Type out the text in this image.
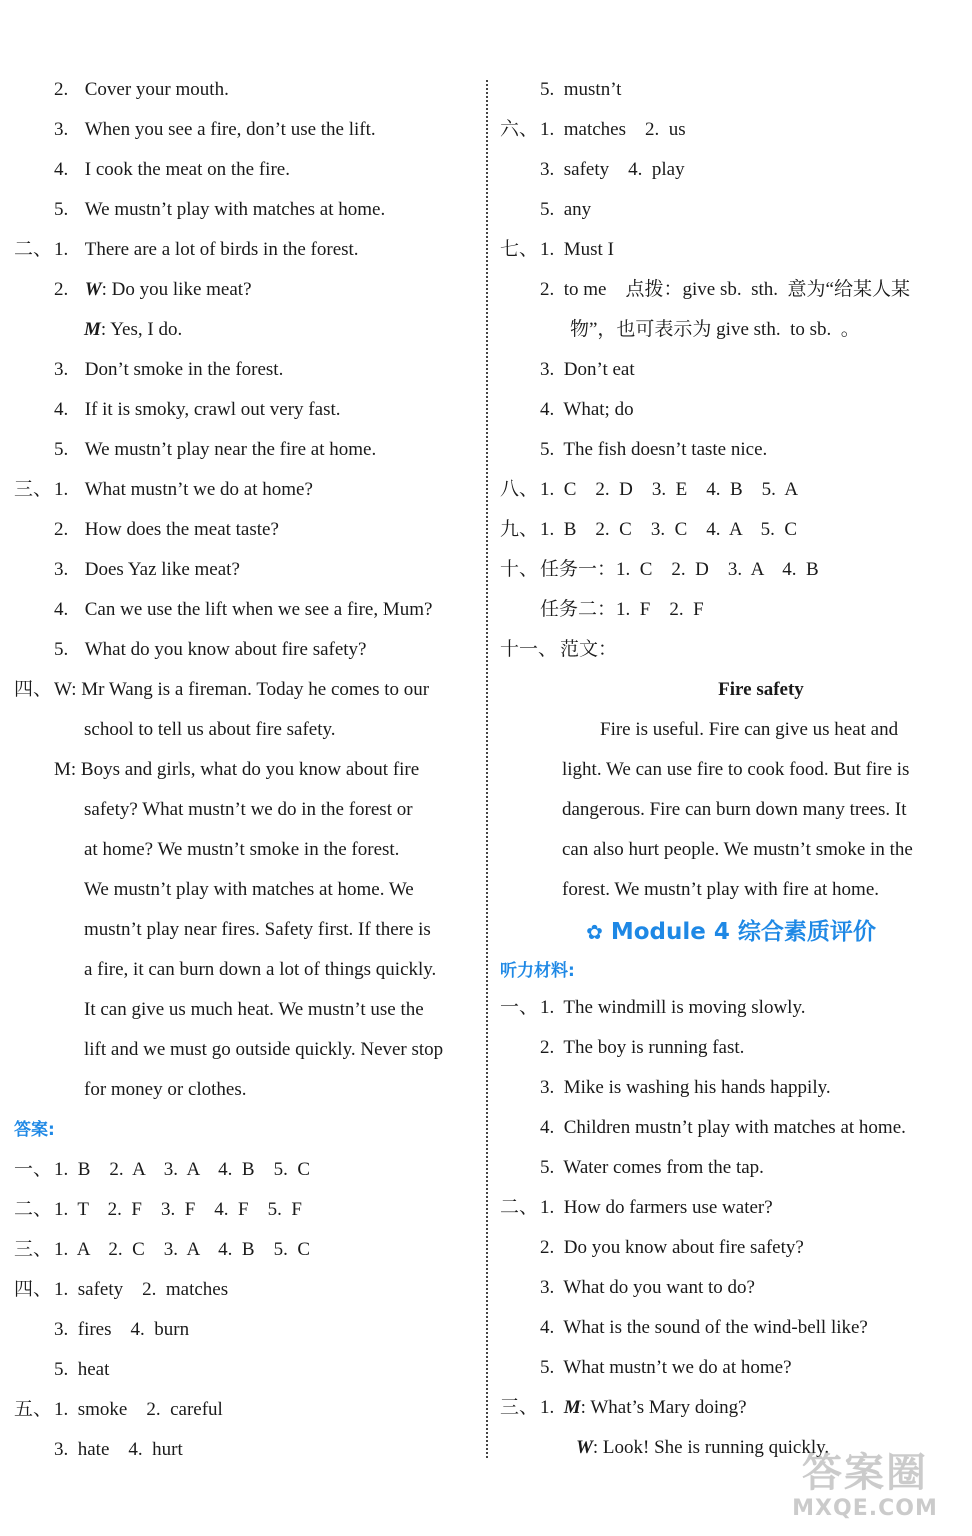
2.
Cover your mouth.
3.
When you see a fire, don’t use the lift.
4.
I cook the meat on the fire.
5.
We mustn’t play with matches at home.
二、 1.
There are a lot of birds in the forest.
2.
W : Do you like meat?
M : Yes, I do.
3.
Don’t smoke in the forest.
4.
If it is smoky, crawl out very fast.
5.
We mustn’t play near the fire at home.
三、 1.
What mustn’t we do at home?
2.
How does the meat taste?
3.
Does Yaz like meat?
4.
Can we use the lift when we see a fire, Mum?
5.
What do you know about fire safety?
四、 W: Mr Wang is a fireman. Today he comes to our
school to tell us about fire safety.
M: Boys and girls, what do you know about fire
safety? What mustn’t we do in the forest or
at home? We mustn’t smoke in the forest.
We mustn’t play with matches at home. We
mustn’t play near fires. Safety first. If there is
a fire, it can burn down a lot of things quickly.
It can give us much heat. We mustn’t use the
lift and we must go outside quickly. Never stop
for money or clothes.
答案:
一、 1.  B    2.  A    3.  A    4.  B    5.  C
二、 1.  T    2.  F    3.  F    4.  F    5.  F
三、 1.  A    2.  C    3.  A    4.  B    5.  C
四、 1.  safety    2.  matches
3.  fires    4.  burn
5.  heat
五、 1.  smoke    2.  careful
3.  hate    4.  hurt
5.  mustn’t
六、 1.  matches    2.  us
3.  safety    4.  play
5.  any
七、 1.  Must I
2.  to me    点拨：give sb.  sth.  意为“给某人某
物”，也可表示为 give sth.  to sb.  。
3.  Don’t eat
4.  What; do
5.  The fish doesn’t taste nice.
八、 1.  C    2.  D    3.  E    4.  B    5.  A
九、 1.  B    2.  C    3.  C    4.  A    5.  C
十、 任务一：1.  C    2.  D    3.  A    4.  B
任务二：1.  F    2.  F
十一、 范文：
Fire safety
Fire is useful. Fire can give us heat and
light. We can use fire to cook food. But fire is
dangerous. Fire can burn down many trees. It
can also hurt people. We mustn’t smoke in the
forest. We mustn’t play with fire at home.
✿ Module 4 综合素质评价
听力材料:
一、 1.  The windmill is moving slowly.
2.  The boy is running fast.
3.  Mike is washing his hands happily.
4.  Children mustn’t play with matches at home.
5.  Water comes from the tap.
二、 1.  How do farmers use water?
2.  Do you know about fire safety?
3.  What do you want to do?
4.  What is the sound of the wind-bell like?
5.  What mustn’t we do at home?
三、 1.
M : What’s Mary doing?
W : Look! She is running quickly.
答案圈
MXQE.COM
